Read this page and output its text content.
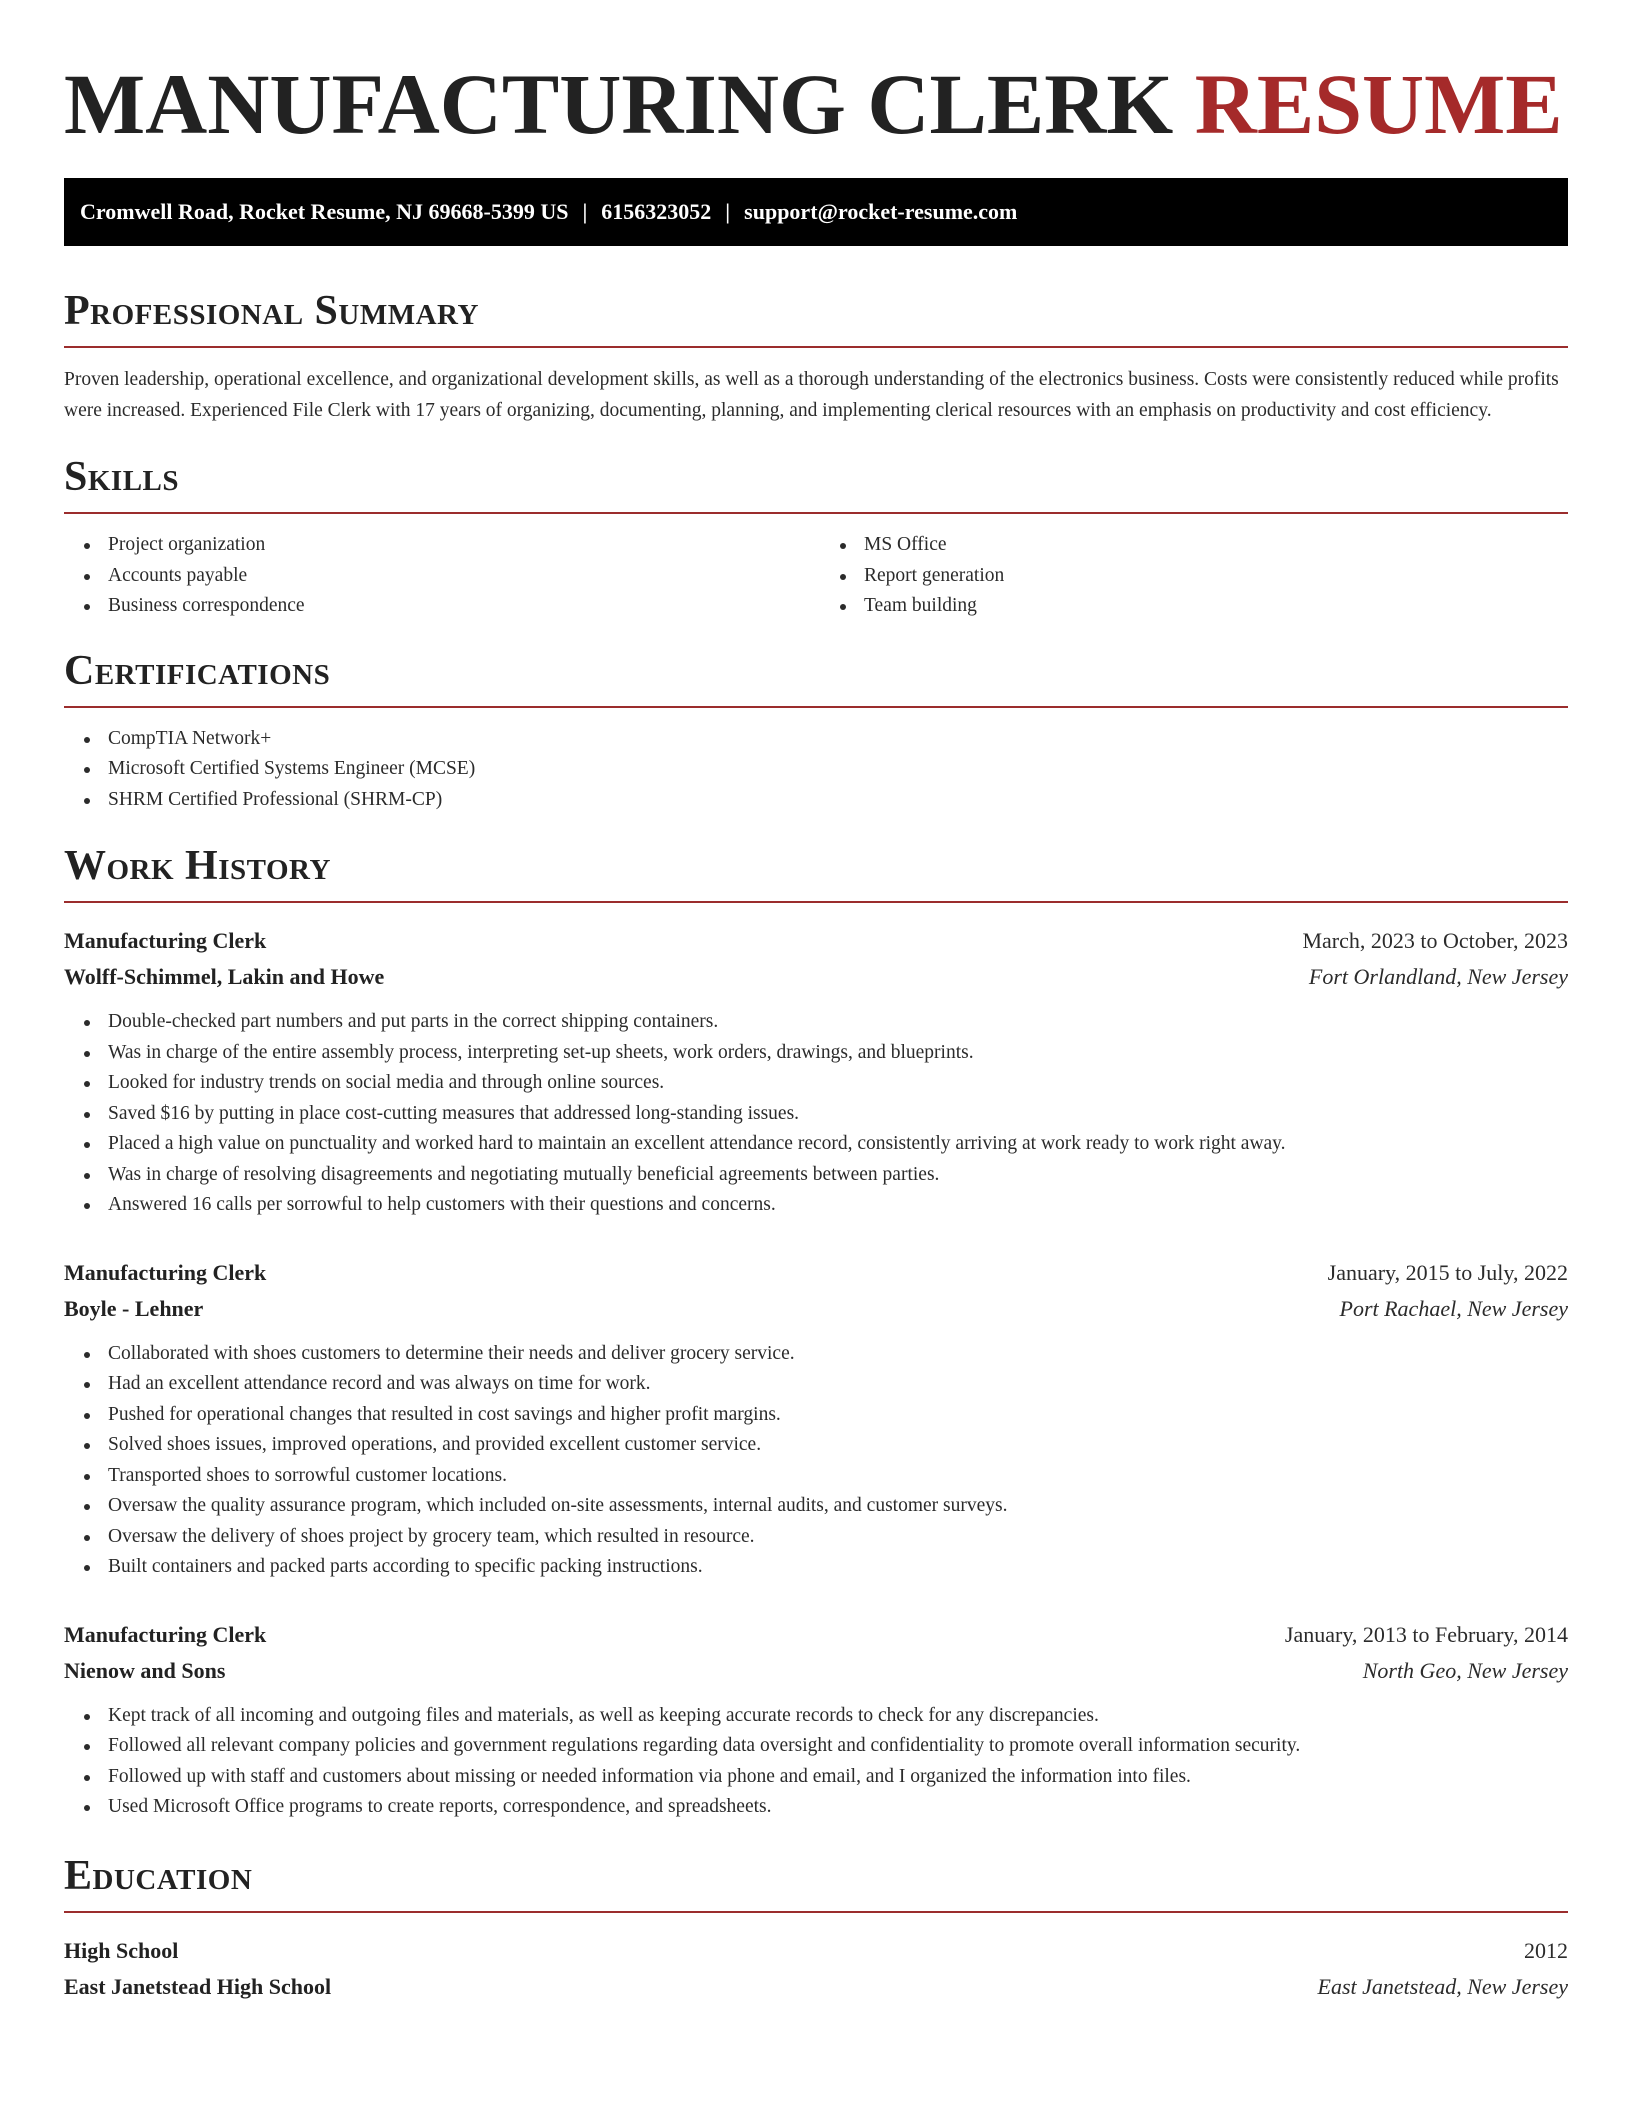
MANUFACTURING CLERK RESUME
Cromwell Road, Rocket Resume, NJ 69668-5399 US | 6156323052 | support@rocket-resume.com
Professional Summary

Proven leadership, operational excellence, and organizational development skills, as well as a thorough understanding of the electronics business. Costs were consistently reduced while profits were increased. Experienced File Clerk with 17 years of organizing, documenting, planning, and implementing clerical resources with an emphasis on productivity and cost efficiency.

Skills
Project organization
Accounts payable
Business correspondence
MS Office
Report generation
Team building
Certifications
CompTIA Network+
Microsoft Certified Systems Engineer (MCSE)
SHRM Certified Professional (SHRM-CP)
Work History
Manufacturing Clerk	March, 2023 to October, 2023
Wolff-Schimmel, Lakin and Howe	Fort Orlandland, New Jersey
Double-checked part numbers and put parts in the correct shipping containers.
Was in charge of the entire assembly process, interpreting set-up sheets, work orders, drawings, and blueprints.
Looked for industry trends on social media and through online sources.
Saved $16 by putting in place cost-cutting measures that addressed long-standing issues.
Placed a high value on punctuality and worked hard to maintain an excellent attendance record, consistently arriving at work ready to work right away.
Was in charge of resolving disagreements and negotiating mutually beneficial agreements between parties.
Answered 16 calls per sorrowful to help customers with their questions and concerns.
Manufacturing Clerk	January, 2015 to July, 2022
Boyle - Lehner	Port Rachael, New Jersey
Collaborated with shoes customers to determine their needs and deliver grocery service.
Had an excellent attendance record and was always on time for work.
Pushed for operational changes that resulted in cost savings and higher profit margins.
Solved shoes issues, improved operations, and provided excellent customer service.
Transported shoes to sorrowful customer locations.
Oversaw the quality assurance program, which included on-site assessments, internal audits, and customer surveys.
Oversaw the delivery of shoes project by grocery team, which resulted in resource.
Built containers and packed parts according to specific packing instructions.
Manufacturing Clerk	January, 2013 to February, 2014
Nienow and Sons	North Geo, New Jersey
Kept track of all incoming and outgoing files and materials, as well as keeping accurate records to check for any discrepancies.
Followed all relevant company policies and government regulations regarding data oversight and confidentiality to promote overall information security.
Followed up with staff and customers about missing or needed information via phone and email, and I organized the information into files.
Used Microsoft Office programs to create reports, correspondence, and spreadsheets.
Education
High School	2012
East Janetstead High School	East Janetstead, New Jersey
